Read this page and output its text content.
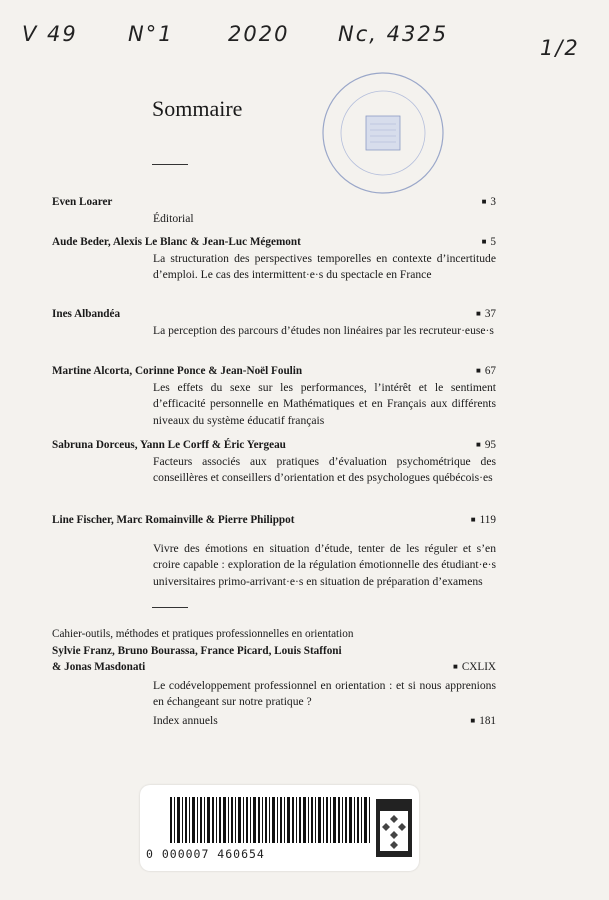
V 49 N°1	2020 Nc, 4325
1/2
Sommaire
Even Loarer	■ 3
Éditorial
Aude Beder, Alexis Le Blanc & Jean-Luc Mégemont	■ 5
La structuration des perspectives temporelles en contexte d’incertitude d’emploi. Le cas des intermittent·e·s du spectacle en France
Ines Albandéa	■ 37
La perception des parcours d’études non linéaires par les recruteur·euse·s
Martine Alcorta, Corinne Ponce & Jean-Noël Foulin	■ 67
Les effets du sexe sur les performances, l’intérêt et le sentiment d’efficacité personnelle en Mathématiques et en Français aux différents niveaux du système éducatif français
Sabruna Dorceus, Yann Le Corff & Éric Yergeau	■ 95
Facteurs associés aux pratiques d’évaluation psychométrique des conseillères et conseillers d’orientation et des psychologues québécois·es
Line Fischer, Marc Romainville & Pierre Philippot	■ 119
Vivre des émotions en situation d’étude, tenter de les réguler et s’en croire capable : exploration de la régulation émotionnelle des étudiant·e·s universitaires primo-arrivant·e·s en situation de préparation d’examens
Cahier-outils, méthodes et pratiques professionnelles en orientation
Sylvie Franz, Bruno Bourassa, France Picard, Louis Staffoni
& Jonas Masdonati	■ CXLIX
Le codéveloppement professionnel en orientation : et si nous apprenions en échangeant sur notre pratique ?
Index annuels	■ 181
0 000007 460654
